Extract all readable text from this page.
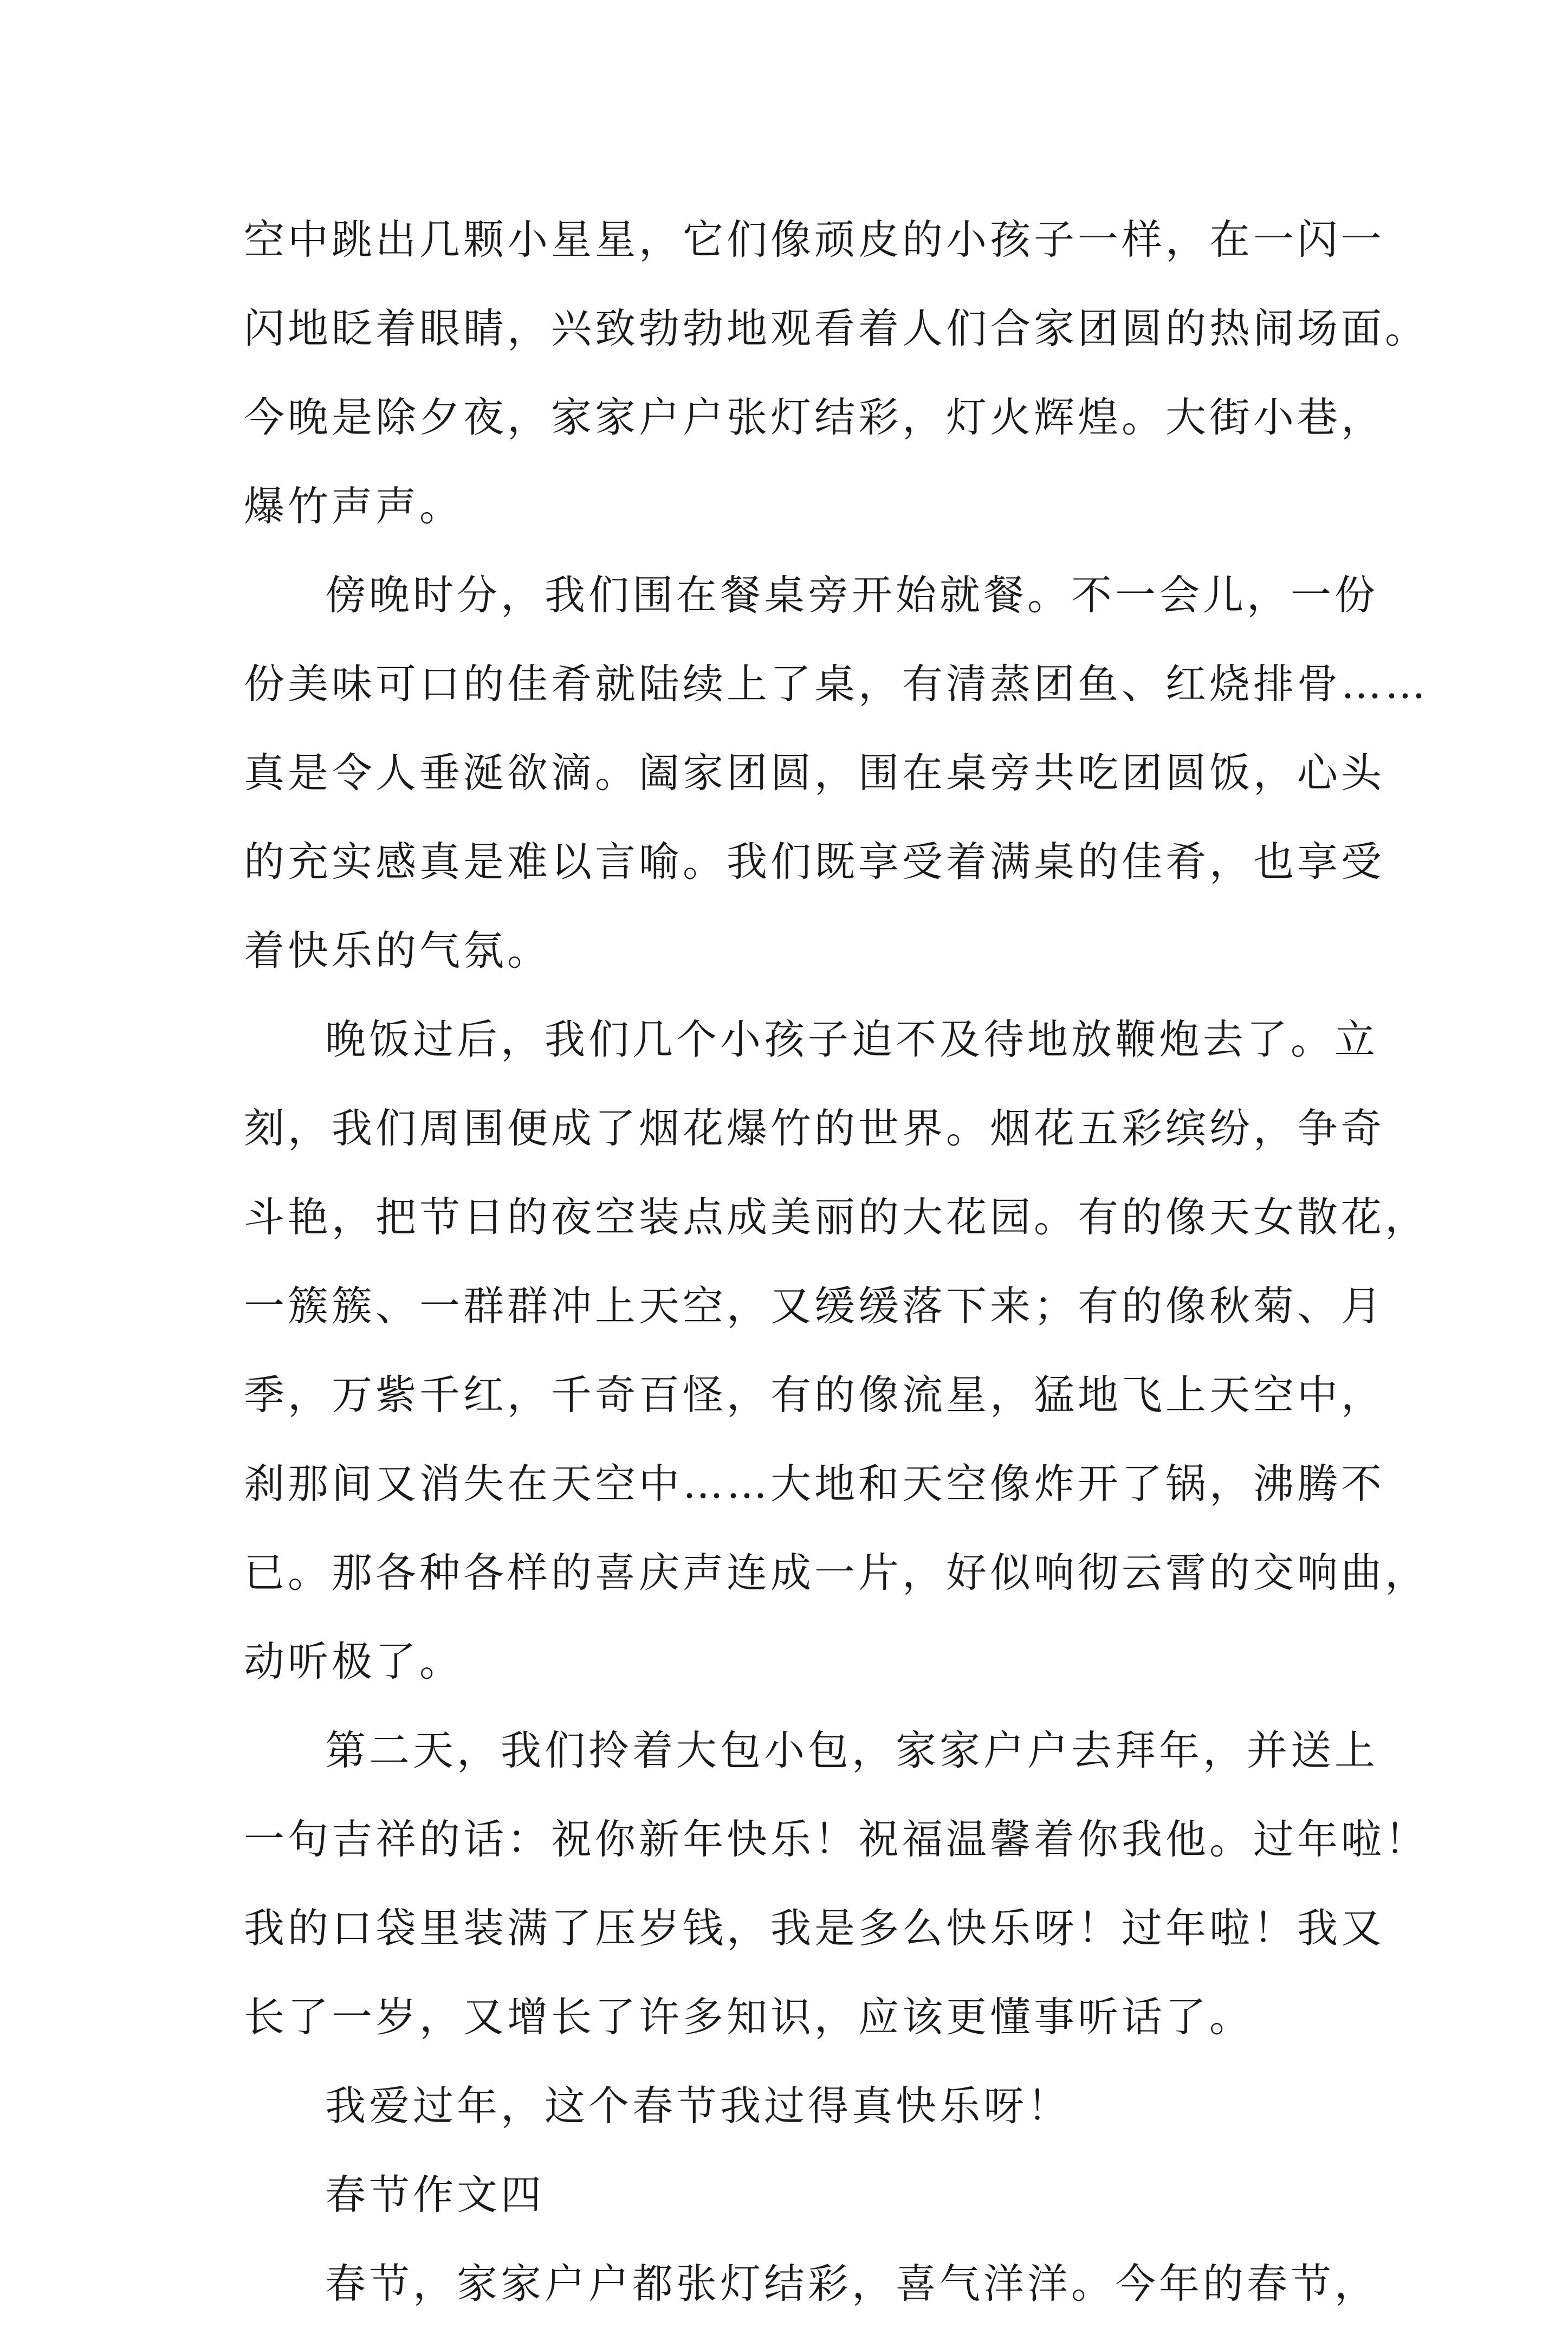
空中跳出几颗小星星，它们像顽皮的小孩子一样，在一闪一
闪地眨着眼睛，兴致勃勃地观看着人们合家团圆的热闹场面。
今晚是除夕夜，家家户户张灯结彩，灯火辉煌。大街小巷，
爆竹声声。
傍晚时分，我们围在餐桌旁开始就餐。不一会儿，一份
份美味可口的佳肴就陆续上了桌，有清蒸团鱼、红烧排骨……
真是令人垂涎欲滴。阖家团圆，围在桌旁共吃团圆饭，心头
的充实感真是难以言喻。我们既享受着满桌的佳肴，也享受
着快乐的气氛。
晚饭过后，我们几个小孩子迫不及待地放鞭炮去了。立
刻，我们周围便成了烟花爆竹的世界。烟花五彩缤纷，争奇
斗艳，把节日的夜空装点成美丽的大花园。有的像天女散花，
一簇簇、一群群冲上天空，又缓缓落下来；有的像秋菊、月
季，万紫千红，千奇百怪，有的像流星，猛地飞上天空中，
刹那间又消失在天空中……大地和天空像炸开了锅，沸腾不
已。那各种各样的喜庆声连成一片，好似响彻云霄的交响曲，
动听极了。
第二天，我们拎着大包小包，家家户户去拜年，并送上
一句吉祥的话：祝你新年快乐！祝福温馨着你我他。过年啦！
我的口袋里装满了压岁钱，我是多么快乐呀！过年啦！我又
长了一岁，又增长了许多知识，应该更懂事听话了。
我爱过年，这个春节我过得真快乐呀！
春节作文四
春节，家家户户都张灯结彩，喜气洋洋。今年的春节，
